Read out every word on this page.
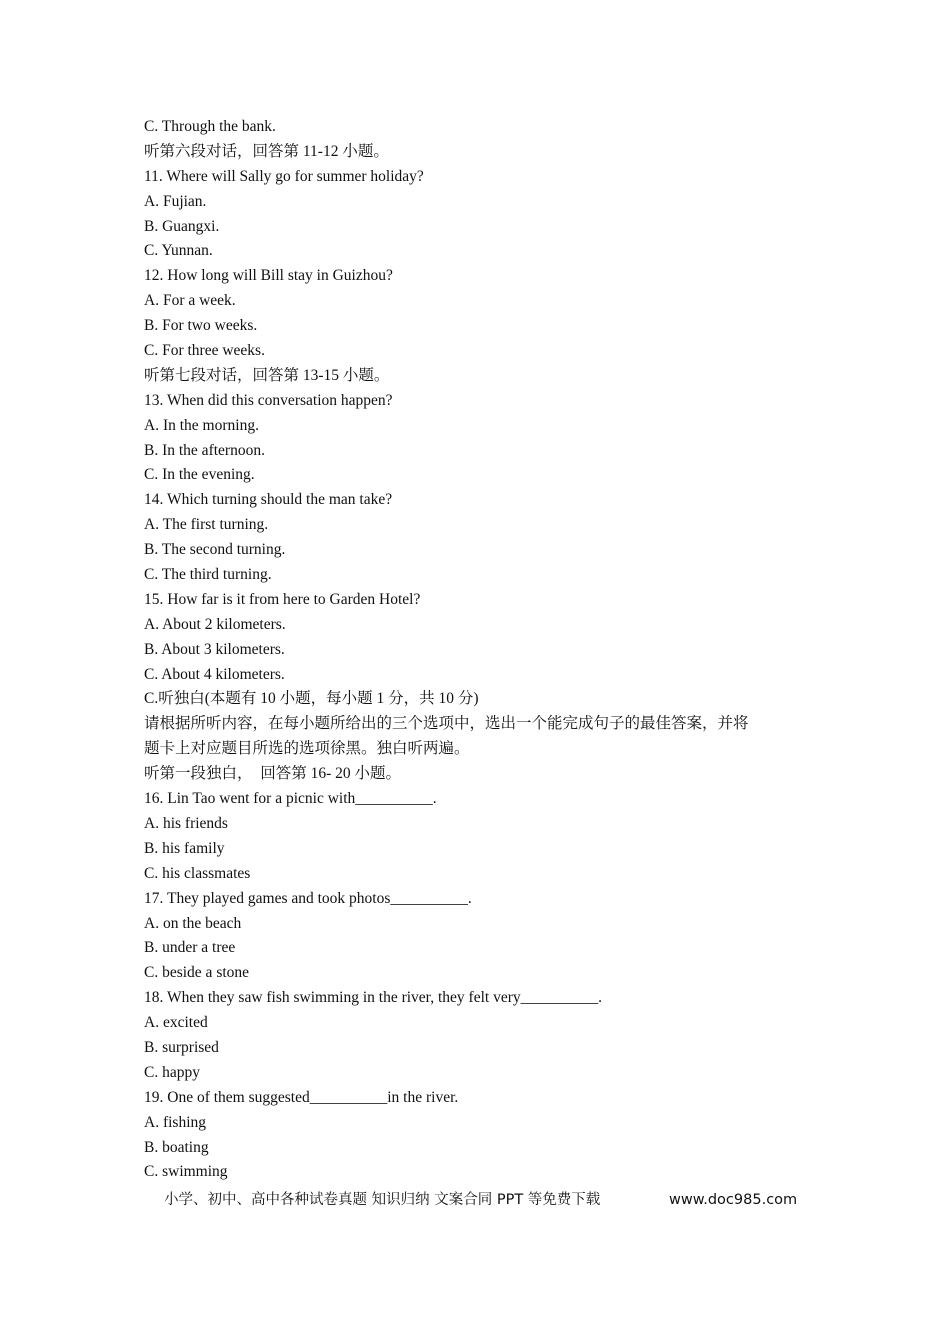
C. Through the bank.
听第六段对话，回答第 11-12 小题。
11. Where will Sally go for summer holiday?
A. Fujian.
B. Guangxi.
C. Yunnan.
12. How long will Bill stay in Guizhou?
A. For a week.
B. For two weeks.
C. For three weeks.
听第七段对话，回答第 13-15 小题。
13. When did this conversation happen?
A. In the morning.
B. In the afternoon.
C. In the evening.
14. Which turning should the man take?
A. The first turning.
B. The second turning.
C. The third turning.
15. How far is it from here to Garden Hotel?
A. About 2 kilometers.
B. About 3 kilometers.
C. About 4 kilometers.
C.听独白(本题有 10 小题，每小题 1 分，共 10 分)
请根据所听内容，在每小题所给出的三个选项中，选出一个能完成句子的最佳答案，并将
题卡上对应题目所选的选项徐黑。独白听两遍。
听第一段独白，　回答第 16- 20 小题。
16. Lin Tao went for a picnic with__________.
A. his friends
B. his family
C. his classmates
17. They played games and took photos__________.
A. on the beach
B. under a tree
C. beside a stone
18. When they saw fish swimming in the river, they felt very__________.
A. excited
B. surprised
C. happy
19. One of them suggested__________in the river.
A. fishing
B. boating
C. swimming
小学、初中、高中各种试卷真题 知识归纳 文案合同 PPT 等免费下载	www.doc985.com
